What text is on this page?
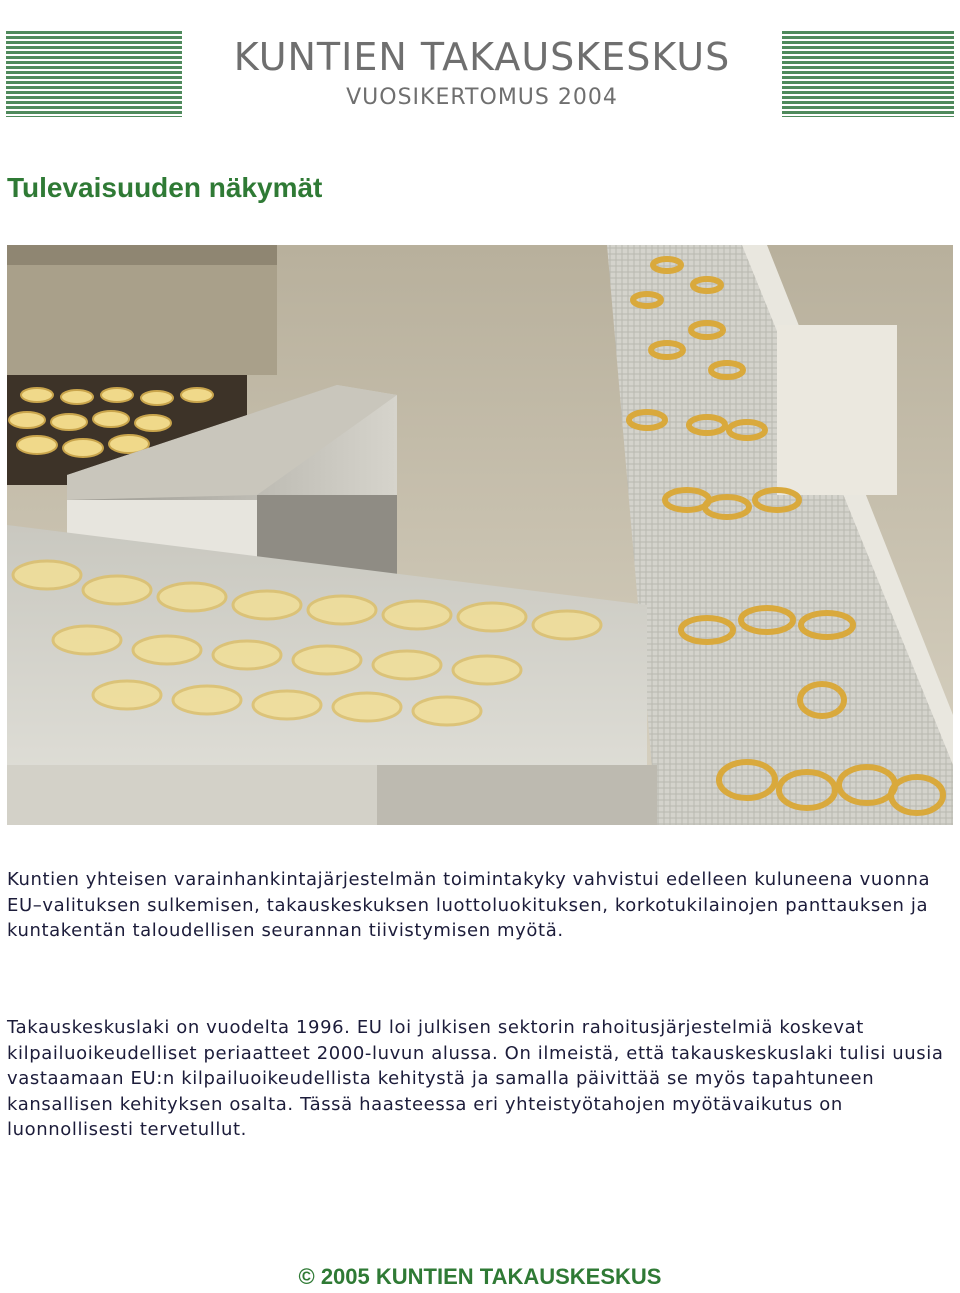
KUNTIEN TAKAUSKESKUS
VUOSIKERTOMUS 2004
Tulevaisuuden näkymät

Kuntien yhteisen varainhankintajärjestelmän toimintakyky vahvistui edelleen kuluneena vuonna EU–valituksen sulkemisen, takauskeskuksen luottoluokituksen, korkotukilainojen panttauksen ja kuntakentän taloudellisen seurannan tiivistymisen myötä.

Takauskeskuslaki on vuodelta 1996. EU loi julkisen sektorin rahoitusjärjestelmiä koskevat kilpailuoikeudelliset periaatteet 2000-luvun alussa. On ilmeistä, että takauskeskuslaki tulisi uusia vastaamaan EU:n kilpailuoikeudellista kehitystä ja samalla päivittää se myös tapahtuneen kansallisen kehityksen osalta. Tässä haasteessa eri yhteistyötahojen myötävaikutus on luonnollisesti tervetullut.

© 2005 KUNTIEN TAKAUSKESKUS
